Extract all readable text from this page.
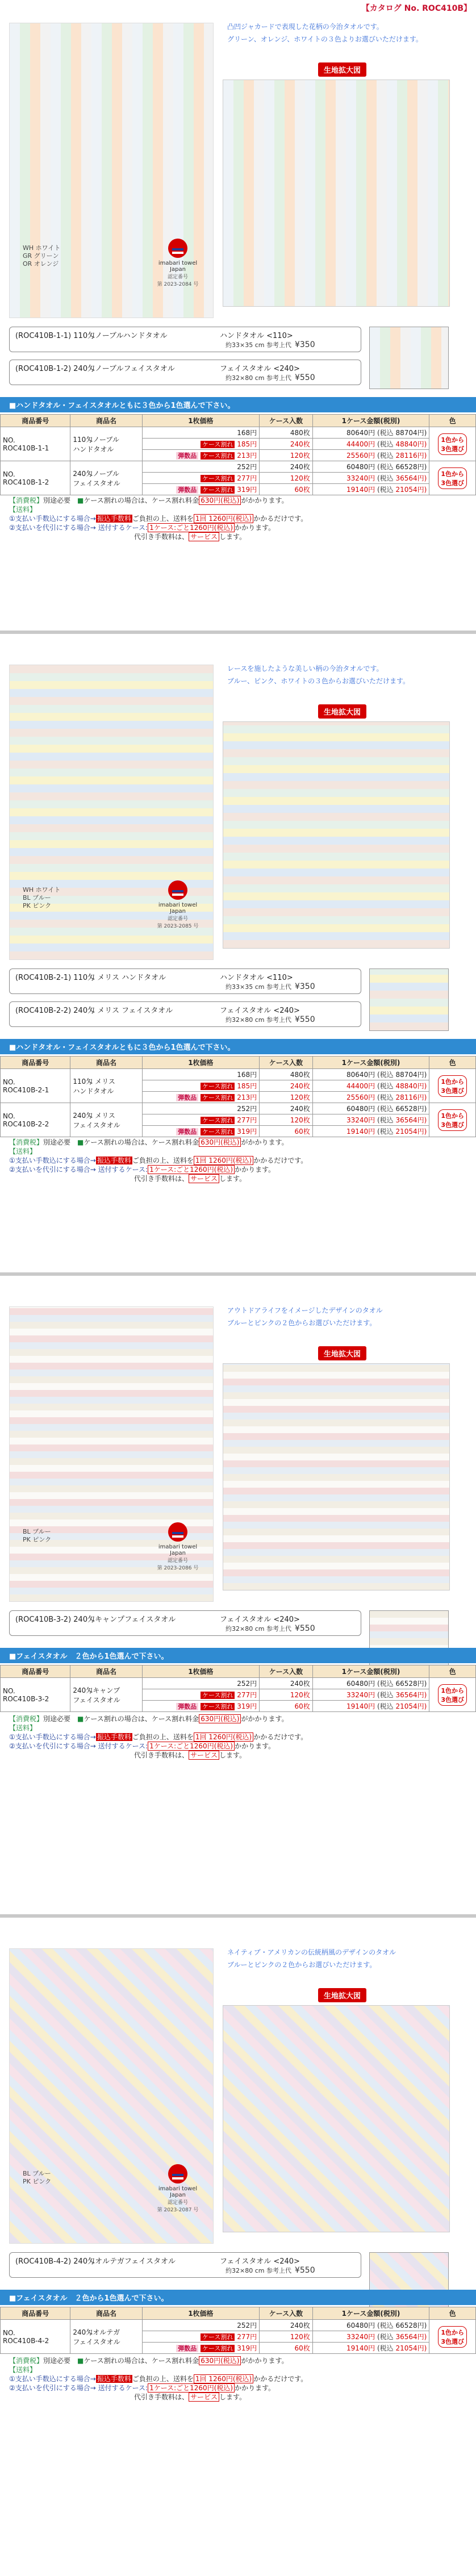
【カタログ No. ROC410B】
WH ホワイト
GR グリーン
OR オレンジ	imabari towel
Japan
認定番号
第 2023-2084 号
凸凹ジャカードで表現した花柄の今治タオルです。
グリーン、オレンジ、ホワイトの３色よりお選びいただけます。
生地拡大図
(ROC410B-1-1) 110匁ノーブルハンドタオル	ハンドタオル <110>
約33×35 cm 参考上代 ¥350
(ROC410B-1-2) 240匁ノーブルフェイスタオル	フェイスタオル <240>
約32×80 cm 参考上代 ¥550
■ハンドタオル・フェイスタオルともに３色から1色選んで下さい。
商品番号	商品名	1枚価格	ケース入数	1ケース金額(税別)	色
NO.
ROC410B-1-1	110匁ノーブル
ハンドタオル	168円	480枚	80640円 (税込 88704円)	1色から
3色選び
		ケース割れ 185円	240枚	44400円 (税込 48840円)	
		弾数品 ケース割れ 213円	120枚	25560円 (税込 28116円)	
NO.
ROC410B-1-2	240匁ノーブル
フェイスタオル	252円	240枚	60480円 (税込 66528円)	1色から
3色選び
		ケース割れ 277円	120枚	33240円 (税込 36564円)	
		弾数品 ケース割れ 319円	60枚	19140円 (税込 21054円)	
【消費税】別途必要　■ケース割れの場合は、ケース割れ料金 630円(税込) がかかります。
【送料】
①支払い手数込にする場合→ 振込手数料 ご負担の上、送料を 1回 1260円(税込) かかるだけです。
②支払いを代引にする場合→ 送付するケース: 1ケース:ごと1260円(税込) かかります。
代引き手数料は、 サービス します。
WH ホワイト
BL ブルー
PK ピンク	imabari towel
Japan
認定番号
第 2023-2085 号
レースを施したような美しい柄の今治タオルです。
ブルー、ピンク、ホワイトの３色からお選びいただけます。
生地拡大図
(ROC410B-2-1) 110匁 メリス ハンドタオル	ハンドタオル <110>
約33×35 cm 参考上代 ¥350
(ROC410B-2-2) 240匁 メリス フェイスタオル	フェイスタオル <240>
約32×80 cm 参考上代 ¥550
■ハンドタオル・フェイスタオルともに３色から1色選んで下さい。
商品番号	商品名	1枚価格	ケース入数	1ケース金額(税別)	色
NO.
ROC410B-2-1	110匁 メリス
ハンドタオル	168円	480枚	80640円 (税込 88704円)	1色から
3色選び
		ケース割れ 185円	240枚	44400円 (税込 48840円)	
		弾数品 ケース割れ 213円	120枚	25560円 (税込 28116円)	
NO.
ROC410B-2-2	240匁 メリス
フェイスタオル	252円	240枚	60480円 (税込 66528円)	1色から
3色選び
		ケース割れ 277円	120枚	33240円 (税込 36564円)	
		弾数品 ケース割れ 319円	60枚	19140円 (税込 21054円)	
【消費税】別途必要　■ケース割れの場合は、ケース割れ料金 630円(税込) がかかります。
【送料】
①支払い手数込にする場合→ 振込手数料 ご負担の上、送料を 1回 1260円(税込) かかるだけです。
②支払いを代引にする場合→ 送付するケース: 1ケース:ごと1260円(税込) かかります。
代引き手数料は、 サービス します。
BL ブルー
PK ピンク
imabari towel
Japan
認定番号
第 2023-2086 号
アウトドアライフをイメージしたデザインのタオル
ブルーとピンクの２色からお選びいただけます。
生地拡大図
(ROC410B-3-2) 240匁キャンプフェイスタオル	フェイスタオル <240>
約32×80 cm 参考上代 ¥550
■フェイスタオル　２色から1色選んで下さい。
商品番号	商品名	1枚価格	ケース入数	1ケース金額(税別)	色
NO.
ROC410B-3-2	240匁キャンプ
フェイスタオル	252円	240枚	60480円 (税込 66528円)	1色から
3色選び
		ケース割れ 277円	120枚	33240円 (税込 36564円)	
		弾数品 ケース割れ 319円	60枚	19140円 (税込 21054円)	
【消費税】別途必要　■ケース割れの場合は、ケース割れ料金 630円(税込) がかかります。
【送料】
①支払い手数込にする場合→ 振込手数料 ご負担の上、送料を 1回 1260円(税込) かかるだけです。
②支払いを代引にする場合→ 送付するケース: 1ケース:ごと1260円(税込) かかります。
代引き手数料は、 サービス します。
BL ブルー
PK ピンク
imabari towel
Japan
認定番号
第 2023-2087 号
ネイティブ・アメリカンの伝統柄風のデザインのタオル
ブルーとピンクの２色からお選びいただけます。
生地拡大図
(ROC410B-4-2) 240匁オルテガフェイスタオル	フェイスタオル <240>
約32×80 cm 参考上代 ¥550
■フェイスタオル　２色から1色選んで下さい。
商品番号	商品名	1枚価格	ケース入数	1ケース金額(税別)	色
NO.
ROC410B-4-2	240匁オルテガ
フェイスタオル	252円	240枚	60480円 (税込 66528円)	1色から
3色選び
		ケース割れ 277円	120枚	33240円 (税込 36564円)	
		弾数品 ケース割れ 319円	60枚	19140円 (税込 21054円)	
【消費税】別途必要　■ケース割れの場合は、ケース割れ料金 630円(税込) がかかります。
【送料】
①支払い手数込にする場合→ 振込手数料 ご負担の上、送料を 1回 1260円(税込) かかるだけです。
②支払いを代引にする場合→ 送付するケース: 1ケース:ごと1260円(税込) かかります。
代引き手数料は、 サービス します。
